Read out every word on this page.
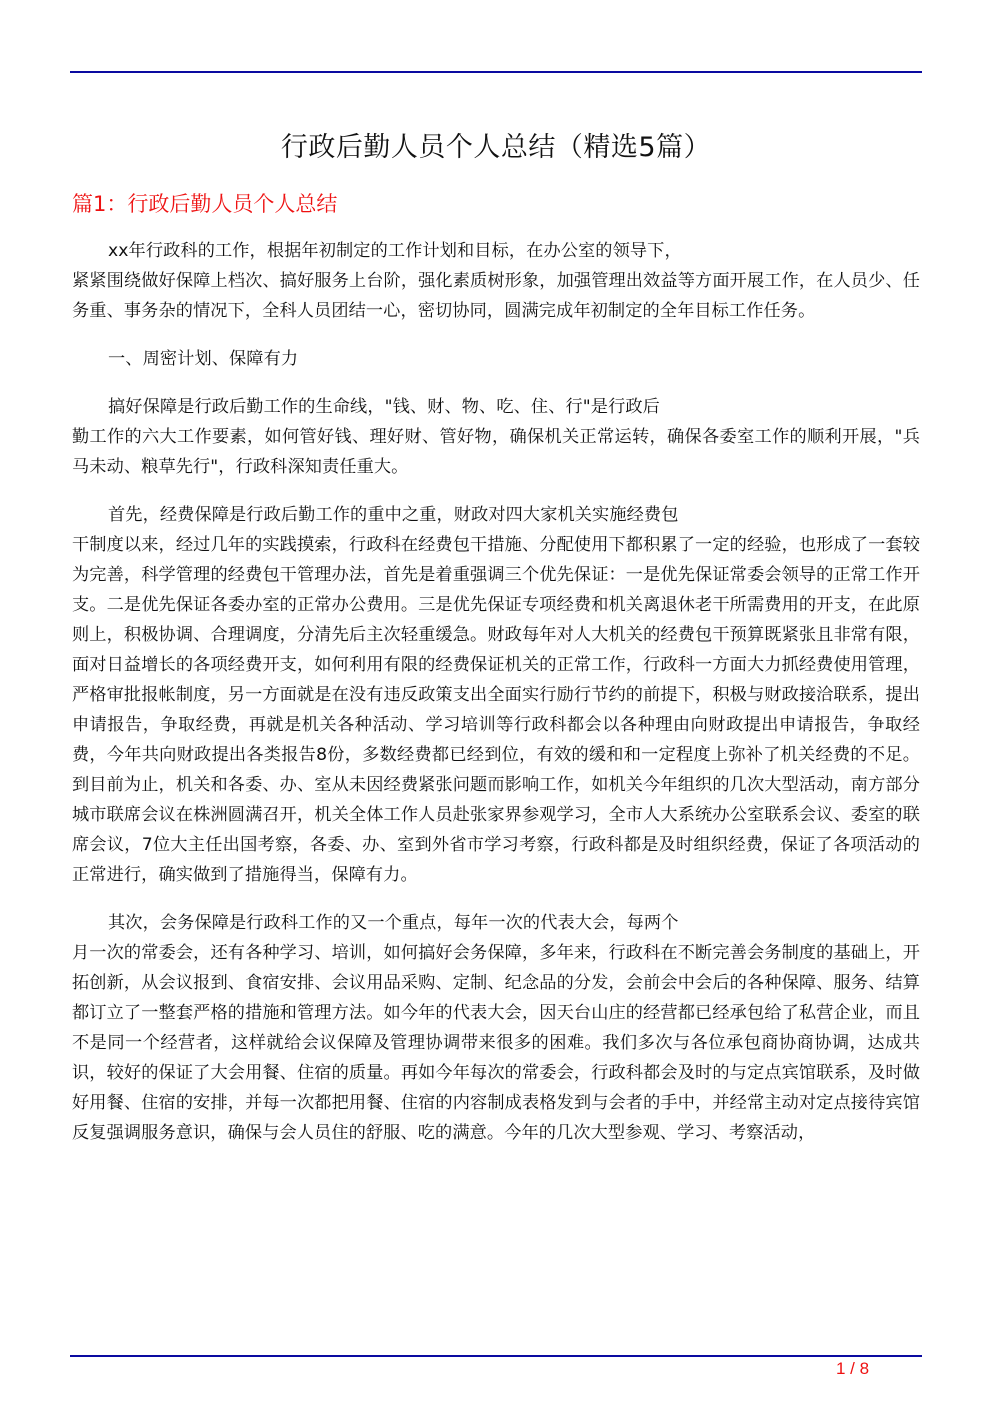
行政后勤人员个人总结（精选5篇）
篇1：行政后勤人员个人总结

xx年行政科的工作，根据年初制定的工作计划和目标，在办公室的领导下，
紧紧围绕做好保障上档次、搞好服务上台阶，强化素质树形象，加强管理出效益等方面开展工作，在人员少、任务重、事务杂的情况下，全科人员团结一心，密切协同，圆满完成年初制定的全年目标工作任务。

一、周密计划、保障有力

搞好保障是行政后勤工作的生命线，"钱、财、物、吃、住、行"是行政后
勤工作的六大工作要素，如何管好钱、理好财、管好物，确保机关正常运转，确保各委室工作的顺利开展，"兵马未动、粮草先行"，行政科深知责任重大。

首先，经费保障是行政后勤工作的重中之重，财政对四大家机关实施经费包
干制度以来，经过几年的实践摸索，行政科在经费包干措施、分配使用下都积累了一定的经验，也形成了一套较为完善，科学管理的经费包干管理办法，首先是着重强调三个优先保证：一是优先保证常委会领导的正常工作开支。二是优先保证各委办室的正常办公费用。三是优先保证专项经费和机关离退休老干所需费用的开支，在此原则上，积极协调、合理调度，分清先后主次轻重缓急。财政每年对人大机关的经费包干预算既紧张且非常有限，面对日益增长的各项经费开支，如何利用有限的经费保证机关的正常工作，行政科一方面大力抓经费使用管理，严格审批报帐制度，另一方面就是在没有违反政策支出全面实行励行节约的前提下，积极与财政接洽联系，提出申请报告，争取经费，再就是机关各种活动、学习培训等行政科都会以各种理由向财政提出申请报告，争取经费，今年共向财政提出各类报告8份，多数经费都已经到位，有效的缓和和一定程度上弥补了机关经费的不足。到目前为止，机关和各委、办、室从未因经费紧张问题而影响工作，如机关今年组织的几次大型活动，南方部分城市联席会议在株洲圆满召开，机关全体工作人员赴张家界参观学习，全市人大系统办公室联系会议、委室的联席会议，7位大主任出国考察，各委、办、室到外省市学习考察，行政科都是及时组织经费，保证了各项活动的正常进行，确实做到了措施得当，保障有力。

其次，会务保障是行政科工作的又一个重点，每年一次的代表大会，每两个
月一次的常委会，还有各种学习、培训，如何搞好会务保障，多年来，行政科在不断完善会务制度的基础上，开拓创新，从会议报到、食宿安排、会议用品采购、定制、纪念品的分发，会前会中会后的各种保障、服务、结算都订立了一整套严格的措施和管理方法。如今年的代表大会，因天台山庄的经营都已经承包给了私营企业，而且不是同一个经营者，这样就给会议保障及管理协调带来很多的困难。我们多次与各位承包商协商协调，达成共识，较好的保证了大会用餐、住宿的质量。再如今年每次的常委会，行政科都会及时的与定点宾馆联系，及时做好用餐、住宿的安排，并每一次都把用餐、住宿的内容制成表格发到与会者的手中，并经常主动对定点接待宾馆反复强调服务意识，确保与会人员住的舒服、吃的满意。今年的几次大型参观、学习、考察活动，

1 / 8
